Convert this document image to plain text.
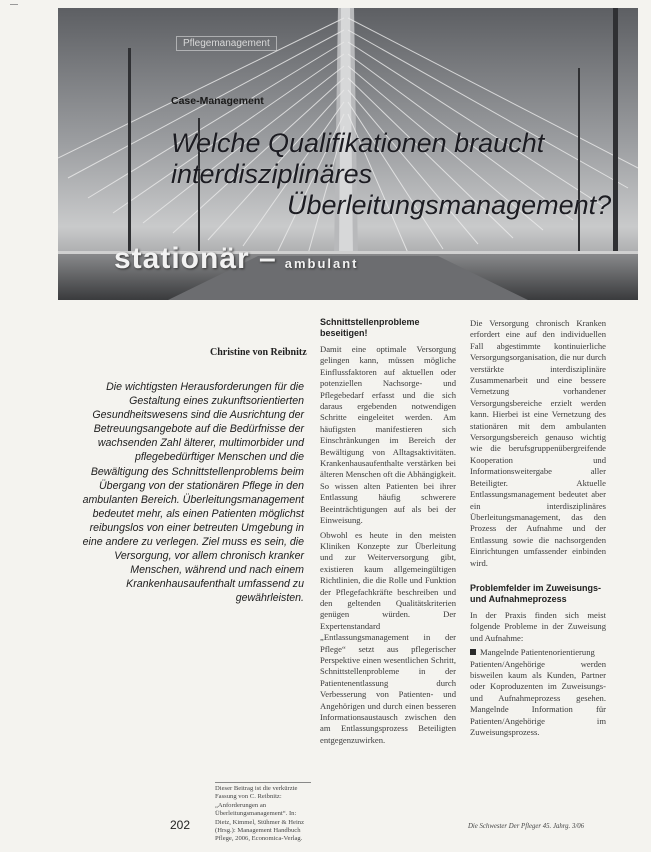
Pflegemanagement
Case-Management
Welche Qualifikationen braucht
interdisziplinäres
Überleitungsmanagement?
stationär – ambulant
Christine von Reibnitz
Die wichtigsten Herausforderungen für die Gestaltung eines zukunftsorientierten Gesundheitswesens sind die Ausrichtung der Betreuungsangebote auf die Bedürfnisse der wachsenden Zahl älterer, multimorbider und pflegebedürftiger Menschen und die Bewältigung des Schnittstellenproblems beim Übergang von der stationären Pflege in den ambulanten Bereich. Überleitungsmanagement bedeutet mehr, als einen Patienten möglichst reibungslos von einer betreuten Umgebung in eine andere zu verlegen. Ziel muss es sein, die Versorgung, vor allem chronisch kranker Menschen, während und nach einem Krankenhausaufenthalt umfassend zu gewährleisten.
Schnittstellenprobleme beseitigen!

Damit eine optimale Versorgung gelingen kann, müssen mögliche Einflussfaktoren auf aktuellen oder potenziellen Nachsorge- und Pflegebedarf erfasst und die sich daraus ergebenden notwendigen Schritte eingeleitet werden. Am häufigsten manifestieren sich Einschränkungen im Bereich der Bewältigung von Alltagsaktivitäten. Krankenhausaufenthalte verstärken bei älteren Menschen oft die Abhängigkeit. So wissen alten Patienten bei ihrer Entlassung häufig schwerere Beeinträchtigungen auf als bei der Einweisung.

Obwohl es heute in den meisten Kliniken Konzepte zur Überleitung und zur Weiterversorgung gibt, existieren kaum allgemeingültigen Richtlinien, die die Rolle und Funktion der Pflegefachkräfte beschreiben und den geltenden Qualitätskriterien genügen würden. Der Expertenstandard „Entlassungsmanagement in der Pflege“ setzt aus pflegerischer Perspektive einen wesentlichen Schritt, Schnittstellenprobleme in der Patientenentlassung durch Verbesserung von Patienten- und Angehörigen und durch einen besseren Informationsaustausch zwischen den am Entlassungsprozess Beteiligten entgegenzuwirken.

Die Versorgung chronisch Kranken erfordert eine auf den individuellen Fall abgestimmte kontinuierliche Versorgungsorganisation, die nur durch verstärkte interdisziplinäre Zusammenarbeit und eine bessere Vernetzung vorhandener Versorgungsbereiche erzielt werden kann. Hierbei ist eine Vernetzung des stationären mit dem ambulanten Versorgungsbereich genauso wichtig wie die berufsgruppenübergreifende Kooperation und Informationsweitergabe aller Beteiligter. Aktuelle Entlassungsmanagement bedeutet aber ein interdisziplinäres Überleitungsmanagement, das den Prozess der Aufnahme und der Entlassung sowie die nachsorgenden Einrichtungen umfassender einbinden wird.

Problemfelder im Zuweisungs- und Aufnahmeprozess

In der Praxis finden sich meist folgende Probleme in der Zuweisung und Aufnahme:

Mangelnde Patientenorientierung

Patienten/Angehörige werden bisweilen kaum als Kunden, Partner oder Koproduzenten im Zuweisungs- und Aufnahmeprozess gesehen. Mangelnde Information für Patienten/Angehörige im Zuweisungsprozess.

Dieser Beitrag ist die verkürzte Fassung von C. Reibnitz: „Anforderungen an Überleitungsmanagement“. In: Dietz, Kimmel, Stühmer & Heinz (Hrsg.): Management Handbuch Pflege, 2006, Economica-Verlag.
202	Die Schwester Der Pfleger 45. Jahrg. 3/06
